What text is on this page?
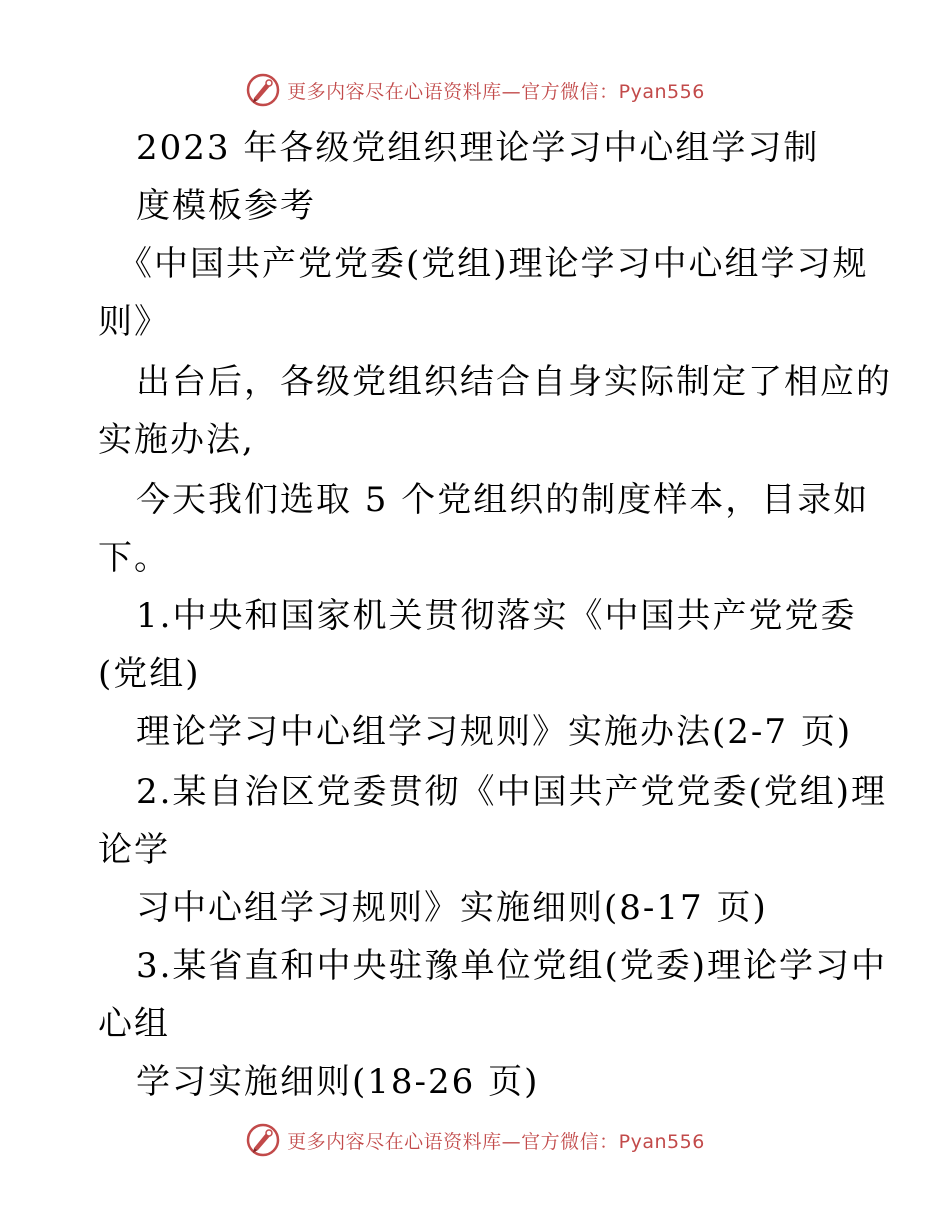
更多内容尽在心语资料库—官方微信：Pyan556
2023 年各级党组织理论学习中心组学习制
度模板参考
《中国共产党党委(党组)理论学习中心组学习规
则》
出台后，各级党组织结合自身实际制定了相应的
实施办法,
今天我们选取 5 个党组织的制度样本，目录如
下。
1.中央和国家机关贯彻落实《中国共产党党委
(党组)
理论学习中心组学习规则》实施办法(2-7 页)
2.某自治区党委贯彻《中国共产党党委(党组)理
论学
习中心组学习规则》实施细则(8-17 页)
3.某省直和中央驻豫单位党组(党委)理论学习中
心组
学习实施细则(18-26 页)
更多内容尽在心语资料库—官方微信：Pyan556
